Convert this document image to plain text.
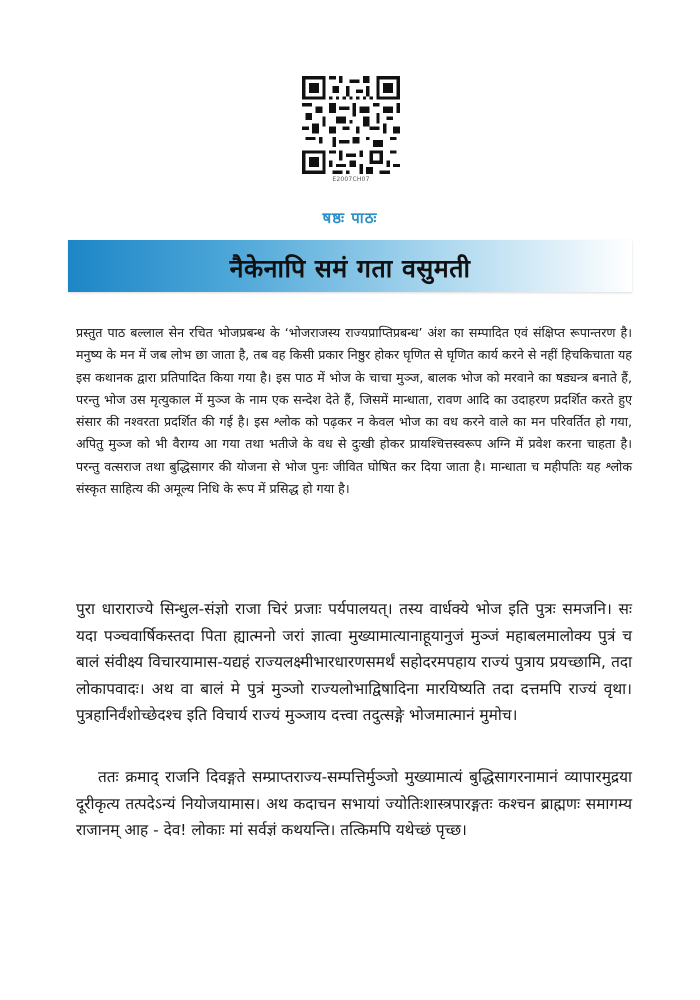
E2007CH07
षष्ठः पाठः
नैकेनापि समं गता वसुमती

प्रस्तुत पाठ बल्लाल सेन रचित भोजप्रबन्ध के ‘भोजराजस्य राज्यप्राप्तिप्रबन्ध’ अंश का सम्पादित एवं संक्षिप्त रूपान्तरण है। मनुष्य के मन में जब लोभ छा जाता है, तब वह किसी प्रकार निष्ठुर होकर घृणित से घृणित कार्य करने से नहीं हिचकिचाता यह इस कथानक द्वारा प्रतिपादित किया गया है। इस पाठ में भोज के चाचा मुञ्ज, बालक भोज को मरवाने का षड्यन्त्र बनाते हैं, परन्तु भोज उस मृत्युकाल में मुञ्ज के नाम एक सन्देश देते हैं, जिसमें मान्धाता, रावण आदि का उदाहरण प्रदर्शित करते हुए संसार की नश्वरता प्रदर्शित की गई है। इस श्लोक को पढ़कर न केवल भोज का वध करने वाले का मन परिवर्तित हो गया, अपितु मुञ्ज को भी वैराग्य आ गया तथा भतीजे के वध से दुःखी होकर प्रायश्चित्तस्वरूप अग्नि में प्रवेश करना चाहता है। परन्तु वत्सराज तथा बुद्धिसागर की योजना से भोज पुनः जीवित घोषित कर दिया जाता है। मान्धाता च महीपतिः यह श्लोक संस्कृत साहित्य की अमूल्य निधि के रूप में प्रसिद्ध हो गया है।

पुरा धाराराज्ये सिन्धुल-संज्ञो राजा चिरं प्रजाः पर्यपालयत्। तस्य वार्धक्ये भोज इति पुत्रः समजनि। सः यदा पञ्चवार्षिकस्तदा पिता ह्यात्मनो जरां ज्ञात्वा मुख्यामात्यानाहूयानुजं मुञ्जं महाबलमालोक्य पुत्रं च बालं संवीक्ष्य विचारयामास-यद्यहं राज्यलक्ष्मीभारधारणसमर्थं सहोदरमपहाय राज्यं पुत्राय प्रयच्छामि, तदा लोकापवादः। अथ वा बालं मे पुत्रं मुञ्जो राज्यलोभाद्विषादिना मारयिष्यति तदा दत्तमपि राज्यं वृथा। पुत्रहानिर्वंशोच्छेदश्च इति विचार्य राज्यं मुञ्जाय दत्त्वा तदुत्सङ्गे भोजमात्मानं मुमोच।

ततः क्रमाद् राजनि दिवङ्गते सम्प्राप्तराज्य-सम्पत्तिर्मुञ्जो मुख्यामात्यं बुद्धिसागरनामानं व्यापारमुद्रया दूरीकृत्य तत्पदेऽन्यं नियोजयामास। अथ कदाचन सभायां ज्योतिःशास्त्रपारङ्गतः कश्चन ब्राह्मणः समागम्य राजानम् आह - देव! लोकाः मां सर्वज्ञं कथयन्ति। तत्किमपि यथेच्छं पृच्छ।
